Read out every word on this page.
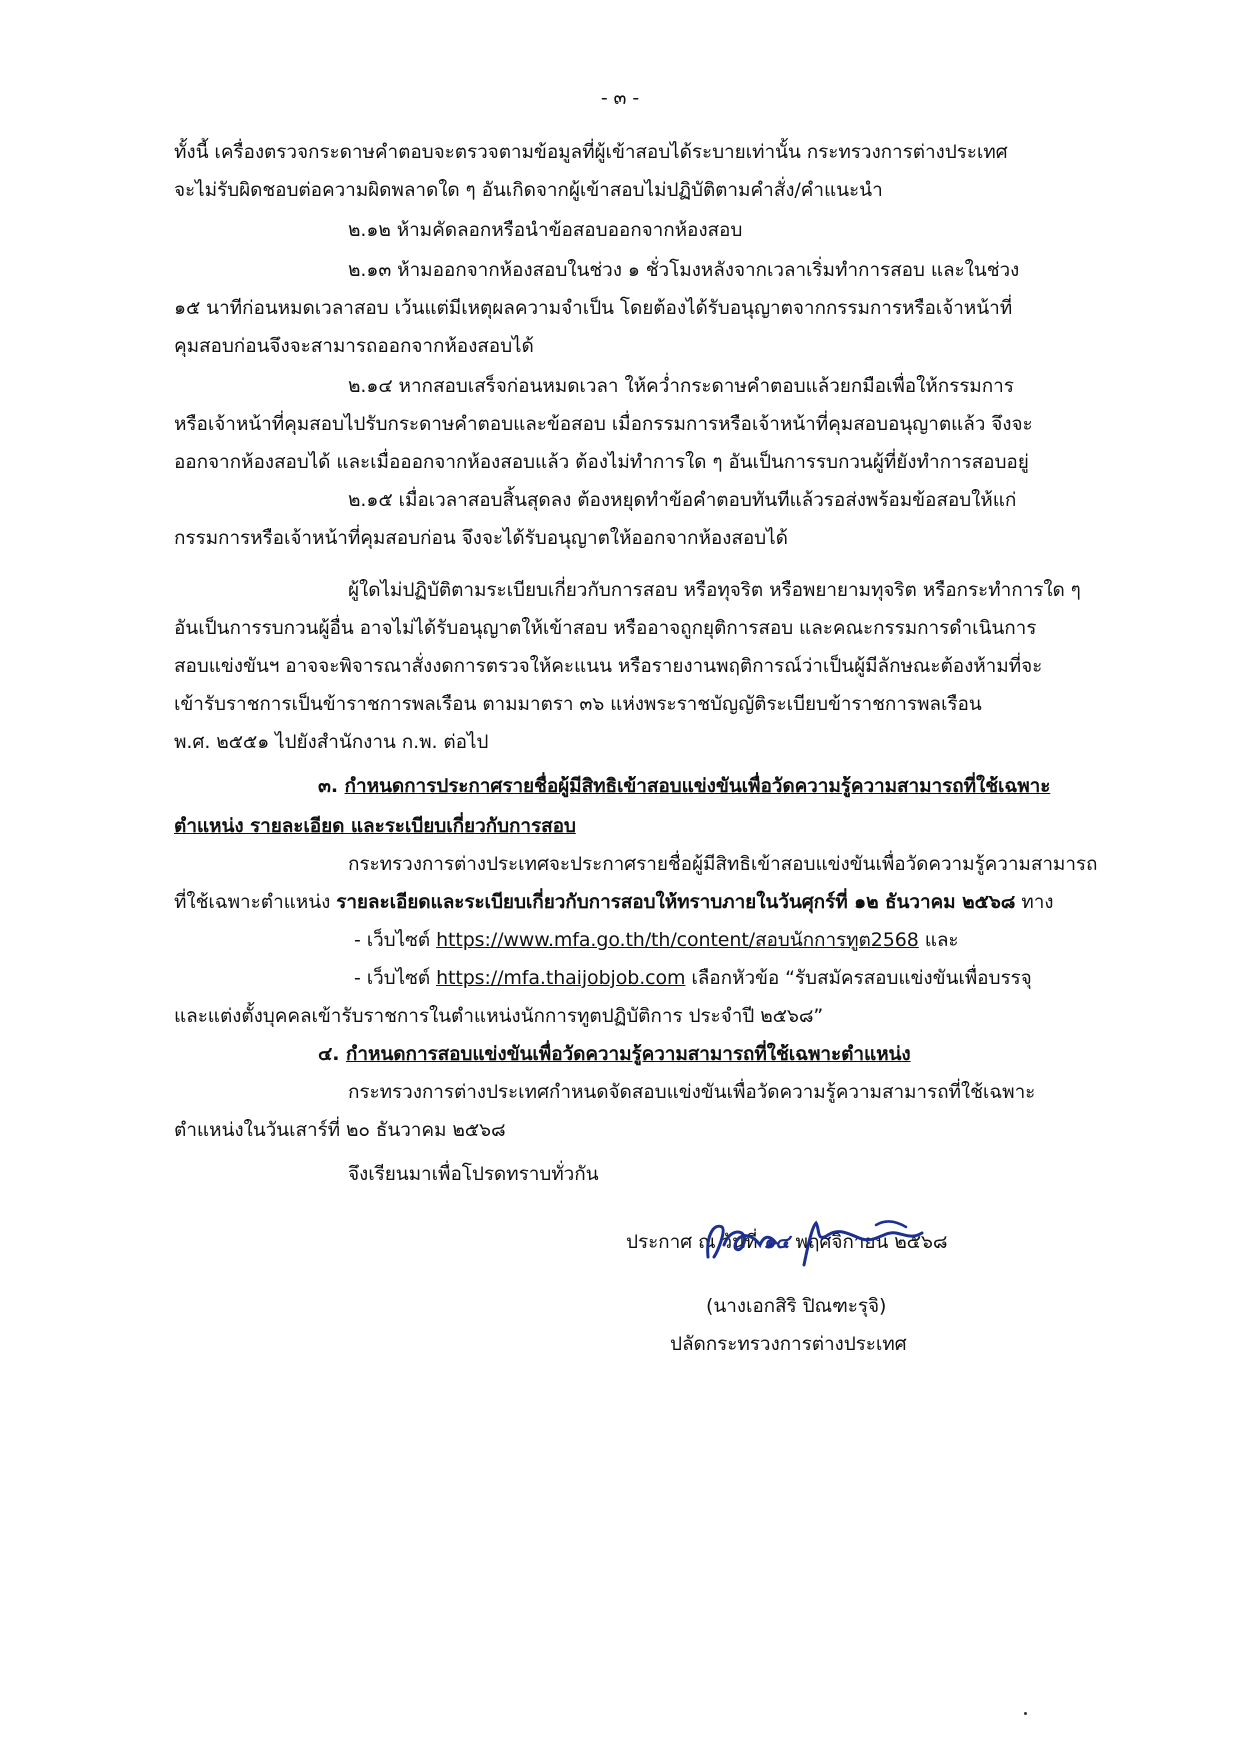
- ๓ -
ทั้งนี้ เครื่องตรวจกระดาษคำตอบจะตรวจตามข้อมูลที่ผู้เข้าสอบได้ระบายเท่านั้น กระทรวงการต่างประเทศ
จะไม่รับผิดชอบต่อความผิดพลาดใด ๆ อันเกิดจากผู้เข้าสอบไม่ปฏิบัติตามคำสั่ง/คำแนะนำ
๒.๑๒ ห้ามคัดลอกหรือนำข้อสอบออกจากห้องสอบ
๒.๑๓ ห้ามออกจากห้องสอบในช่วง ๑ ชั่วโมงหลังจากเวลาเริ่มทำการสอบ และในช่วง
๑๕ นาทีก่อนหมดเวลาสอบ เว้นแต่มีเหตุผลความจำเป็น โดยต้องได้รับอนุญาตจากกรรมการหรือเจ้าหน้าที่
คุมสอบก่อนจึงจะสามารถออกจากห้องสอบได้
๒.๑๔ หากสอบเสร็จก่อนหมดเวลา ให้คว่ำกระดาษคำตอบแล้วยกมือเพื่อให้กรรมการ
หรือเจ้าหน้าที่คุมสอบไปรับกระดาษคำตอบและข้อสอบ เมื่อกรรมการหรือเจ้าหน้าที่คุมสอบอนุญาตแล้ว จึงจะ
ออกจากห้องสอบได้ และเมื่อออกจากห้องสอบแล้ว ต้องไม่ทำการใด ๆ อันเป็นการรบกวนผู้ที่ยังทำการสอบอยู่
๒.๑๕ เมื่อเวลาสอบสิ้นสุดลง ต้องหยุดทำข้อคำตอบทันทีแล้วรอส่งพร้อมข้อสอบให้แก่
กรรมการหรือเจ้าหน้าที่คุมสอบก่อน จึงจะได้รับอนุญาตให้ออกจากห้องสอบได้
ผู้ใดไม่ปฏิบัติตามระเบียบเกี่ยวกับการสอบ หรือทุจริต หรือพยายามทุจริต หรือกระทำการใด ๆ
อันเป็นการรบกวนผู้อื่น อาจไม่ได้รับอนุญาตให้เข้าสอบ หรืออาจถูกยุติการสอบ และคณะกรรมการดำเนินการ
สอบแข่งขันฯ อาจจะพิจารณาสั่งงดการตรวจให้คะแนน หรือรายงานพฤติการณ์ว่าเป็นผู้มีลักษณะต้องห้ามที่จะ
เข้ารับราชการเป็นข้าราชการพลเรือน ตามมาตรา ๓๖ แห่งพระราชบัญญัติระเบียบข้าราชการพลเรือน
พ.ศ. ๒๕๕๑ ไปยังสำนักงาน ก.พ. ต่อไป
๓. กำหนดการประกาศรายชื่อผู้มีสิทธิเข้าสอบแข่งขันเพื่อวัดความรู้ความสามารถที่ใช้เฉพาะ
ตำแหน่ง รายละเอียด และระเบียบเกี่ยวกับการสอบ
กระทรวงการต่างประเทศจะประกาศรายชื่อผู้มีสิทธิเข้าสอบแข่งขันเพื่อวัดความรู้ความสามารถ
ที่ใช้เฉพาะตำแหน่ง รายละเอียดและระเบียบเกี่ยวกับการสอบให้ทราบภายในวันศุกร์ที่ ๑๒ ธันวาคม ๒๕๖๘ ทาง
- เว็บไซต์ https://www.mfa.go.th/th/content/สอบนักการทูต2568 และ
- เว็บไซต์ https://mfa.thaijobjob.com เลือกหัวข้อ “รับสมัครสอบแข่งขันเพื่อบรรจุ
และแต่งตั้งบุคคลเข้ารับราชการในตำแหน่งนักการทูตปฏิบัติการ ประจำปี ๒๕๖๘”
๔. กำหนดการสอบแข่งขันเพื่อวัดความรู้ความสามารถที่ใช้เฉพาะตำแหน่ง
กระทรวงการต่างประเทศกำหนดจัดสอบแข่งขันเพื่อวัดความรู้ความสามารถที่ใช้เฉพาะ
ตำแหน่งในวันเสาร์ที่ ๒๐ ธันวาคม ๒๕๖๘
จึงเรียนมาเพื่อโปรดทราบทั่วกัน
ประกาศ ณ วันที่ ๑๔ พฤศจิกายน ๒๕๖๘
(นางเอกสิริ ปิณฑะรุจิ)
ปลัดกระทรวงการต่างประเทศ
